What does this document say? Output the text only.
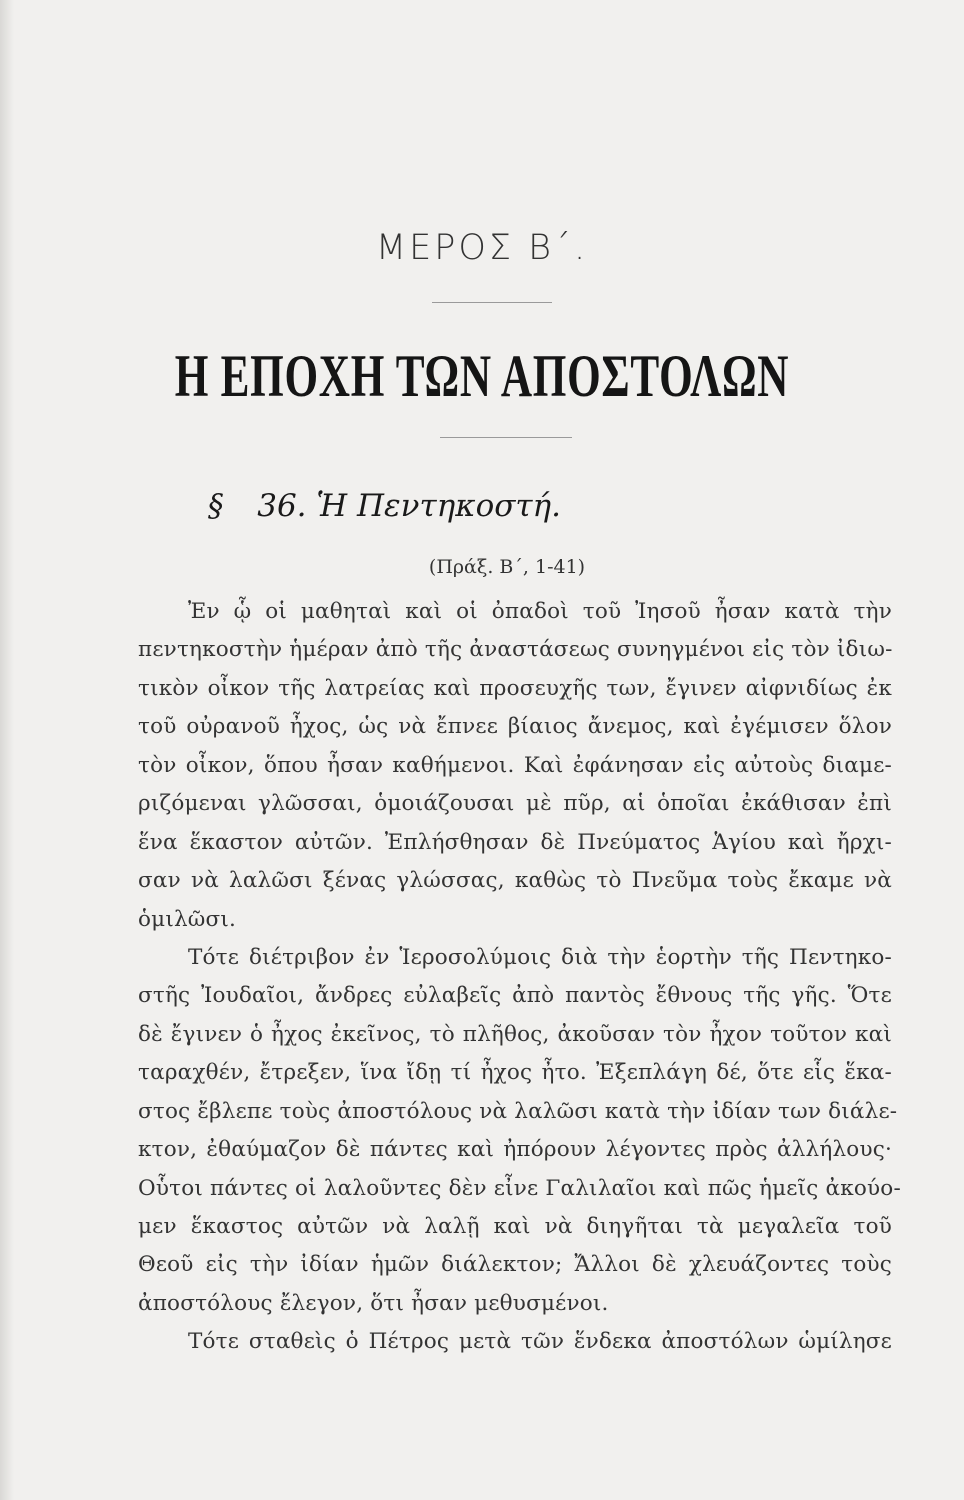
ΜΕΡΟΣ Β΄.
Η ΕΠΟΧΗ ΤΩΝ ΑΠΟΣΤΟΛΩΝ
§ 36. Ἡ Πεντηκοστή.
(Πράξ. Β΄, 1-41)
Ἐν ᾧ οἱ μαθηταὶ καὶ οἱ ὀπαδοὶ τοῦ Ἰησοῦ ἦσαν κατὰ τὴν
πεντηκοστὴν ἡμέραν ἀπὸ τῆς ἀναστάσεως συνηγμένοι εἰς τὸν ἰδιω-
τικὸν οἶκον τῆς λατρείας καὶ προσευχῆς των, ἔγινεν αἰφνιδίως ἐκ
τοῦ οὐρανοῦ ἦχος, ὡς νὰ ἔπνεε βίαιος ἄνεμος, καὶ ἐγέμισεν ὅλον
τὸν οἶκον, ὅπου ἦσαν καθήμενοι. Καὶ ἐφάνησαν εἰς αὐτοὺς διαμε-
ριζόμεναι γλῶσσαι, ὁμοιάζουσαι μὲ πῦρ, αἱ ὁποῖαι ἐκάθισαν ἐπὶ
ἕνα ἕκαστον αὐτῶν. Ἐπλήσθησαν δὲ Πνεύματος Ἁγίου καὶ ἤρχι-
σαν νὰ λαλῶσι ξένας γλώσσας, καθὼς τὸ Πνεῦμα τοὺς ἔκαμε νὰ
ὁμιλῶσι.
Τότε διέτριβον ἐν Ἱεροσολύμοις διὰ τὴν ἑορτὴν τῆς Πεντηκο-
στῆς Ἰουδαῖοι, ἄνδρες εὐλαβεῖς ἀπὸ παντὸς ἔθνους τῆς γῆς. Ὅτε
δὲ ἔγινεν ὁ ἦχος ἐκεῖνος, τὸ πλῆθος, ἀκοῦσαν τὸν ἦχον τοῦτον καὶ
ταραχθέν, ἔτρεξεν, ἵνα ἴδῃ τί ἦχος ἦτο. Ἐξεπλάγη δέ, ὅτε εἷς ἕκα-
στος ἔβλεπε τοὺς ἀποστόλους νὰ λαλῶσι κατὰ τὴν ἰδίαν των διάλε-
κτον, ἐθαύμαζον δὲ πάντες καὶ ἠπόρουν λέγοντες πρὸς ἀλλήλους·
Οὗτοι πάντες οἱ λαλοῦντες δὲν εἶνε Γαλιλαῖοι καὶ πῶς ἡμεῖς ἀκούο-
μεν ἕκαστος αὐτῶν νὰ λαλῇ καὶ νὰ διηγῆται τὰ μεγαλεῖα τοῦ
Θεοῦ εἰς τὴν ἰδίαν ἡμῶν διάλεκτον; Ἄλλοι δὲ χλευάζοντες τοὺς
ἀποστόλους ἔλεγον, ὅτι ἦσαν μεθυσμένοι.
Τότε σταθεὶς ὁ Πέτρος μετὰ τῶν ἕνδεκα ἀποστόλων ὡμίλησε
